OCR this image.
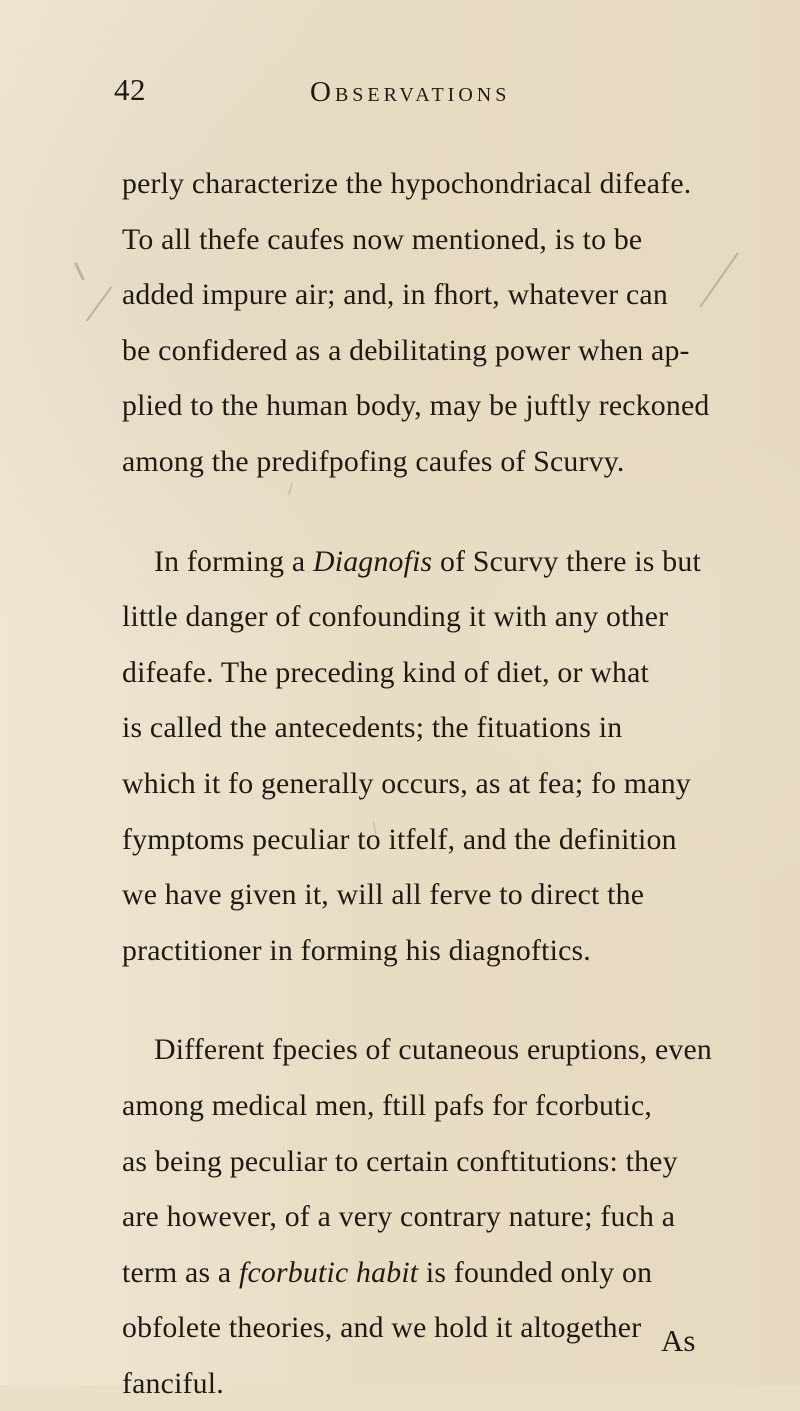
42	Observations
perly characterize the hypochondriacal difeafe.
To all thefe caufes now mentioned, is to be
added impure air; and, in fhort, whatever can
be confidered as a debilitating power when ap-
plied to the human body, may be juftly reckoned
among the predifpofing caufes of Scurvy.
In forming a Diagnofis of Scurvy there is but
little danger of confounding it with any other
difeafe. The preceding kind of diet, or what
is called the antecedents; the fituations in
which it fo generally occurs, as at fea; fo many
fymptoms peculiar to itfelf, and the definition
we have given it, will all ferve to direct the
practitioner in forming his diagnoftics.
Different fpecies of cutaneous eruptions, even
among medical men, ftill pafs for fcorbutic,
as being peculiar to certain conftitutions: they
are however, of a very contrary nature; fuch a
term as a fcorbutic habit is founded only on
obfolete theories, and we hold it altogether
fanciful.
As
